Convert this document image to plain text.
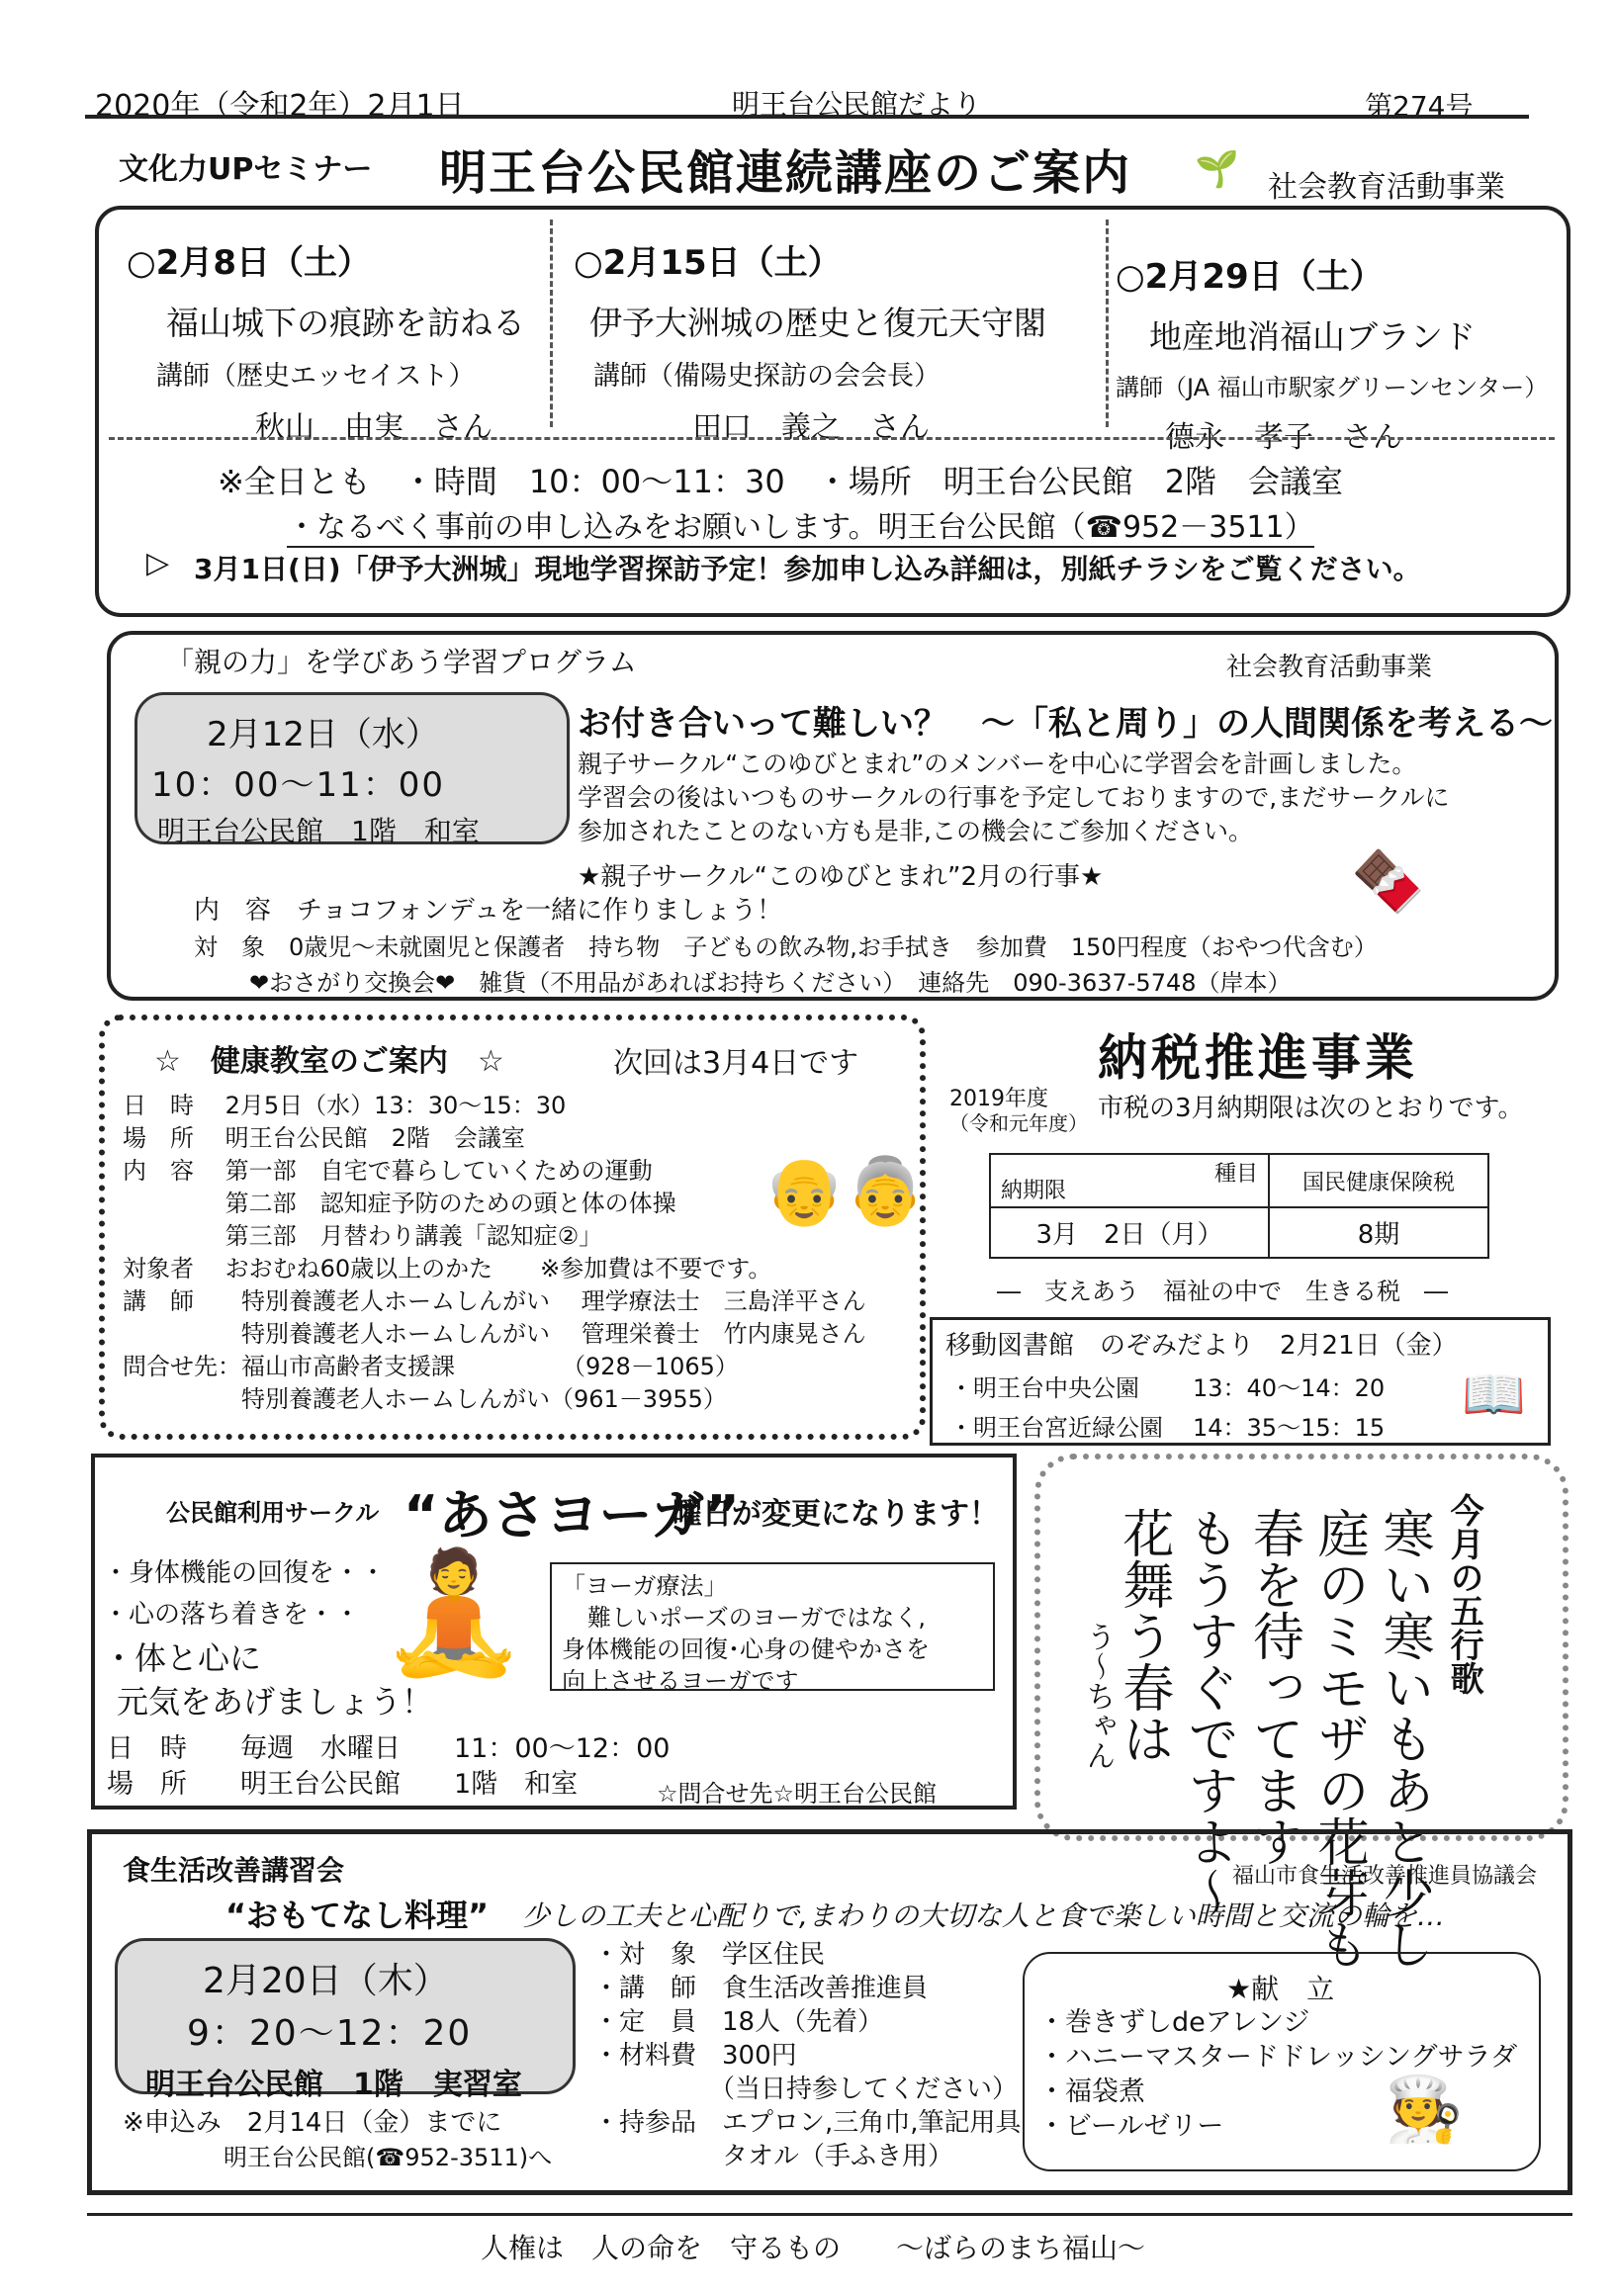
2020年（令和2年）2月1日	明王台公民館だより	第274号
文化力UPセミナー 明王台公民館連続講座のご案内 🌱 社会教育活動事業
○2月8日（土）
福山城下の痕跡を訪ねる
講師（歴史エッセイスト）
秋山　由実　さん
○2月15日（土）
伊予大洲城の歴史と復元天守閣
講師（備陽史探訪の会会長）
田口　義之　さん
○2月29日（土）
地産地消福山ブランド
講師（JA 福山市駅家グリーンセンター）
德永　孝子　さん
※全日とも　・時間　10：00～11：30　・場所　明王台公民館　2階　会議室
・なるべく事前の申し込みをお願いします。明王台公民館（☎952－3511）
▷ 3月1日(日)「伊予大洲城」現地学習探訪予定！参加申し込み詳細は，別紙チラシをご覧ください。
「親の力」を学びあう学習プログラム	社会教育活動事業
2月12日（水）
10：00～11：00
明王台公民館　1階　和室
お付き合いって難しい？　～「私と周り」の人間関係を考える～
親子サークル“このゆびとまれ”のメンバーを中心に学習会を計画しました。
学習会の後はいつものサークルの行事を予定しておりますので,まだサークルに
参加されたことのない方も是非,この機会にご参加ください。
🍫
★親子サークル“このゆびとまれ”2月の行事★
内　容　チョコフォンデュを一緒に作りましょう！
対　象　0歳児～未就園児と保護者　持ち物　子どもの飲み物,お手拭き　参加費　150円程度（おやつ代含む）
❤おさがり交換会❤　雑貨（不用品があればお持ちください）　連絡先　090-3637-5748（岸本）
☆　健康教室のご案内　☆	次回は3月4日です
日　時　 2月5日（水）13：30～15：30
場　所　 明王台公民館　2階　会議室
内　容　 第一部　自宅で暮らしていくための運動
　　　　 第二部　認知症予防のための頭と体の体操
　　　　 第三部　月替わり講義「認知症②」
対象者　 おおむね60歳以上のかた　　※参加費は不要です。
講　師　　特別養護老人ホームしんがい　 理学療法士　三島洋平さん
　　　　　特別養護老人ホームしんがい　 管理栄養士　竹内康晃さん
問合せ先：福山市高齢者支援課　　　　　（928－1065）
　　　　　特別養護老人ホームしんがい（961－3955）
👴👵
納税推進事業
2019年度
（令和元年度） 市税の3月納期限は次のとおりです。
種目
納期限	国民健康保険税
3月　2日（月）	8期
―　支えあう　福祉の中で　生きる税　―
移動図書館　のぞみだより　2月21日（金）
・明王台中央公園 13：40～14：20
・明王台宮近緑公園 14：35～15：15
📖
公民館利用サークル “あさヨーガ”
曜日が変更になります！
・身体機能の回復を・・
・心の落ち着きを・・
・体と心に
元気をあげましょう！
🧘 「ヨーガ療法」
難しいポーズのヨーガではなく,
身体機能の回復･心身の健やかさを
向上させるヨーガです
日　時　　毎週　水曜日　　11：00～12：00
場　所　　明王台公民館　　1階　和室	☆問合せ先☆明王台公民館
今月の五行歌
寒い寒いもあと少し
庭のミモザの花芽も
春を待ってます
もうすぐですよ～
花舞う春は
う～ちゃん
食生活改善講習会	福山市食生活改善推進員協議会
“おもてなし料理” 少しの工夫と心配りで,まわりの大切な人と食で楽しい時間と交流の輪を…
2月20日（木）
9：20～12：20
明王台公民館　1階　実習室
※申込み　2月14日（金）までに
明王台公民館(☎952-3511)へ
・対　象　学区住民
・講　師　食生活改善推進員
・定　員　18人（先着）
・材料費　300円
　　　　　（当日持参してください）
・持参品　エプロン,三角巾,筆記用具
　　　　　タオル（手ふき用）
★献　立
・巻きずしdeアレンジ
・ハニーマスタードドレッシングサラダ
・福袋煮
・ビールゼリー	🧑‍🍳
人権は　人の命を　守るもの　　～ばらのまち福山～
